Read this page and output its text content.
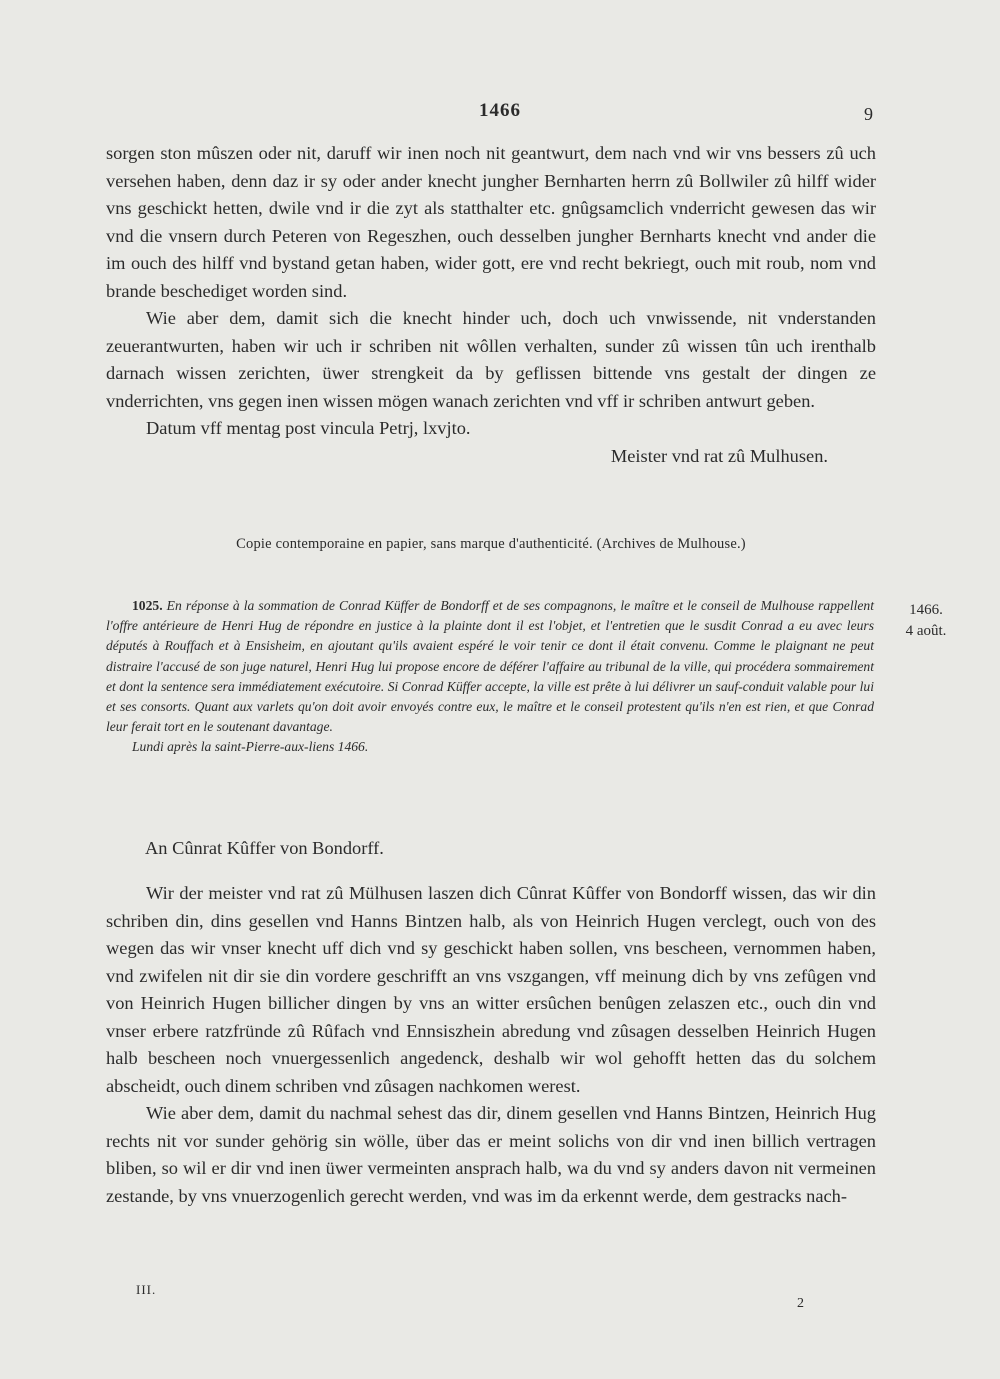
1466	9

sorgen ston mûszen oder nit, daruff wir inen noch nit geantwurt, dem nach vnd wir vns bessers zû uch versehen haben, denn daz ir sy oder ander knecht jungher Bernharten herrn zû Bollwiler zû hilff wider vns geschickt hetten, dwile vnd ir die zyt als statthalter etc. gnûgsamclich vnderricht gewesen das wir vnd die vnsern durch Peteren von Regeszhen, ouch desselben jungher Bernharts knecht vnd ander die im ouch des hilff vnd bystand getan haben, wider gott, ere vnd recht bekriegt, ouch mit roub, nom vnd brande beschediget worden sind.

Wie aber dem, damit sich die knecht hinder uch, doch uch vnwissende, nit vnderstanden zeuerantwurten, haben wir uch ir schriben nit wôllen verhalten, sunder zû wissen tûn uch irenthalb darnach wissen zerichten, üwer strengkeit da by geflissen bittende vns gestalt der dingen ze vnderrichten, vns gegen inen wissen mögen wanach zerichten vnd vff ir schriben antwurt geben.

Datum vff mentag post vincula Petrj, lxvjto.

Meister vnd rat zû Mulhusen.

Copie contemporaine en papier, sans marque d'authenticité. (Archives de Mulhouse.)
1025. En réponse à la sommation de Conrad Küffer de Bondorff et de ses compagnons, le maître et le conseil de Mulhouse rappellent l'offre antérieure de Henri Hug de répondre en justice à la plainte dont il est l'objet, et l'entretien que le susdit Conrad a eu avec leurs députés à Rouffach et à Ensisheim, en ajoutant qu'ils avaient espéré le voir tenir ce dont il était convenu. Comme le plaignant ne peut distraire l'accusé de son juge naturel, Henri Hug lui propose encore de déférer l'affaire au tribunal de la ville, qui procédera sommairement et dont la sentence sera immédiatement exécutoire. Si Conrad Küffer accepte, la ville est prête à lui délivrer un sauf-conduit valable pour lui et ses consorts. Quant aux varlets qu'on doit avoir envoyés contre eux, le maître et le conseil protestent qu'ils n'en est rien, et que Conrad leur ferait tort en le soutenant davantage.
Lundi après la saint-Pierre-aux-liens 1466.
1466.
4 août.
An Cûnrat Kûffer von Bondorff.

Wir der meister vnd rat zû Mülhusen laszen dich Cûnrat Kûffer von Bondorff wissen, das wir din schriben din, dins gesellen vnd Hanns Bintzen halb, als von Heinrich Hugen verclegt, ouch von des wegen das wir vnser knecht uff dich vnd sy geschickt haben sollen, vns bescheen, vernommen haben, vnd zwifelen nit dir sie din vordere geschrifft an vns vszgangen, vff meinung dich by vns zefûgen vnd von Heinrich Hugen billicher dingen by vns an witter ersûchen benûgen zelaszen etc., ouch din vnd vnser erbere ratzfründe zû Rûfach vnd Ennsiszhein abredung vnd zûsagen desselben Heinrich Hugen halb bescheen noch vnuergessenlich angedenck, deshalb wir wol gehofft hetten das du solchem abscheidt, ouch dinem schriben vnd zûsagen nachkomen werest.

Wie aber dem, damit du nachmal sehest das dir, dinem gesellen vnd Hanns Bintzen, Heinrich Hug rechts nit vor sunder gehörig sin wölle, über das er meint solichs von dir vnd inen billich vertragen bliben, so wil er dir vnd inen üwer vermeinten ansprach halb, wa du vnd sy anders davon nit vermeinen zestande, by vns vnuerzogenlich gerecht werden, vnd was im da erkennt werde, dem gestracks nach-

III.
2
